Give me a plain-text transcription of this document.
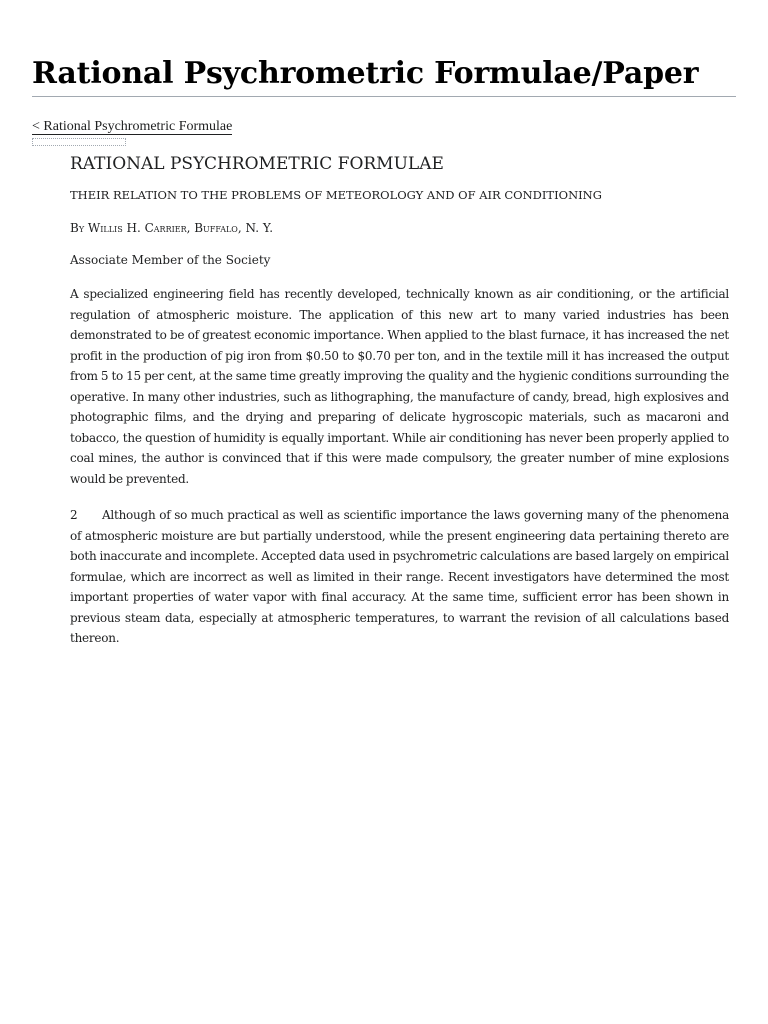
Rational Psychrometric Formulae/Paper
< Rational Psychrometric Formulae
RATIONAL PSYCHROMETRIC FORMULAE

THEIR RELATION TO THE PROBLEMS OF METEOROLOGY AND OF AIR CONDITIONING

By Willis H. Carrier, Buffalo, N. Y.

Associate Member of the Society

A specialized engineering field has recently developed, technically known as air conditioning, or the artificial regulation of atmospheric moisture. The application of this new art to many varied industries has been demonstrated to be of greatest economic importance. When applied to the blast furnace, it has increased the net profit in the production of pig iron from $0.50 to $0.70 per ton, and in the textile mill it has increased the output from 5 to 15 per cent, at the same time greatly improving the quality and the hygienic conditions surrounding the operative. In many other industries, such as lithographing, the manufacture of candy, bread, high explosives and photographic films, and the drying and preparing of delicate hygroscopic materials, such as macaroni and tobacco, the question of humidity is equally important. While air conditioning has never been properly applied to coal mines, the author is convinced that if this were made compulsory, the greater number of mine explosions would be prevented.

2 Although of so much practical as well as scientific importance the laws governing many of the phenomena of atmospheric moisture are but partially understood, while the present engineering data pertaining thereto are both inaccurate and incomplete. Accepted data used in psychrometric calculations are based largely on empirical formulae, which are incorrect as well as limited in their range. Recent investigators have determined the most important properties of water vapor with final accuracy. At the same time, sufficient error has been shown in previous steam data, especially at atmospheric temperatures, to warrant the revision of all calculations based thereon.
